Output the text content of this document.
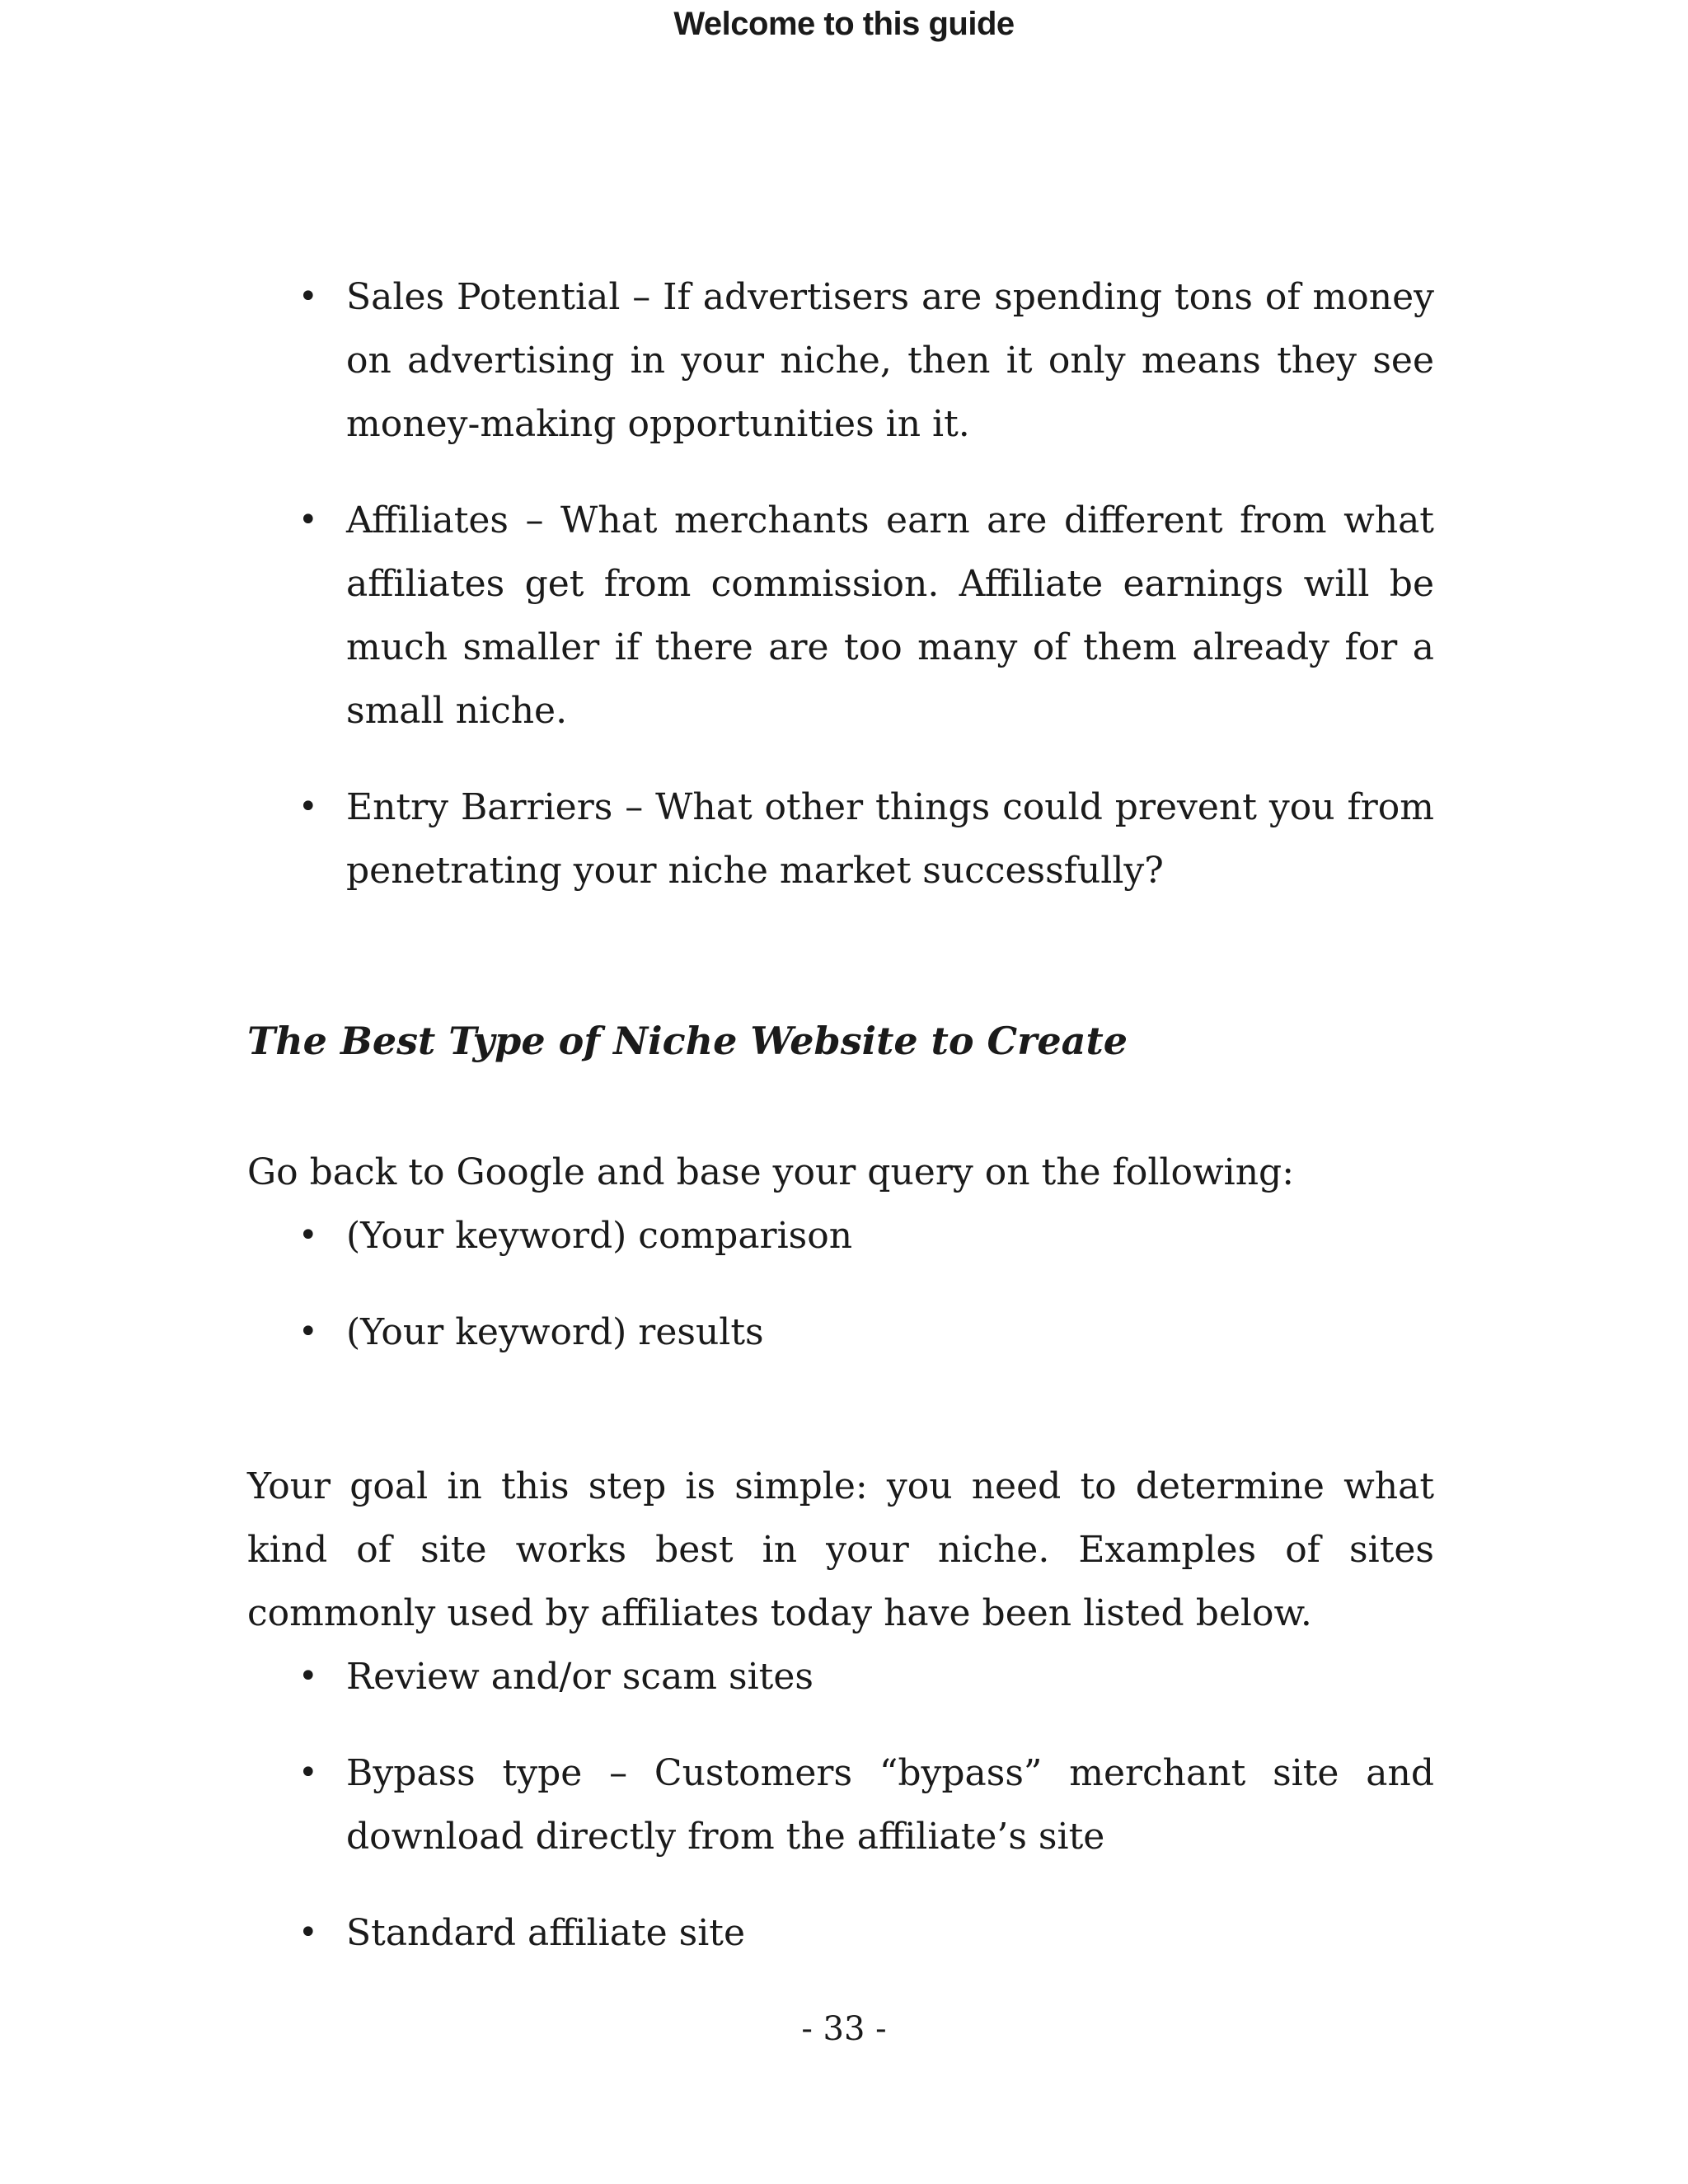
Welcome to this guide
• Sales Potential – If advertisers are spending tons of money on advertising in your niche, then it only means they see money-making opportunities in it.
• Affiliates – What merchants earn are different from what affiliates get from commission. Affiliate earnings will be much smaller if there are too many of them already for a small niche.
• Entry Barriers – What other things could prevent you from penetrating your niche market successfully?
The Best Type of Niche Website to Create

Go back to Google and base your query on the following:

• (Your keyword) comparison
• (Your keyword) results

Your goal in this step is simple: you need to determine what kind of site works best in your niche. Examples of sites commonly used by affiliates today have been listed below.

• Review and/or scam sites
• Bypass type – Customers “bypass” merchant site and download directly from the affiliate’s site
• Standard affiliate site
- 33 -
